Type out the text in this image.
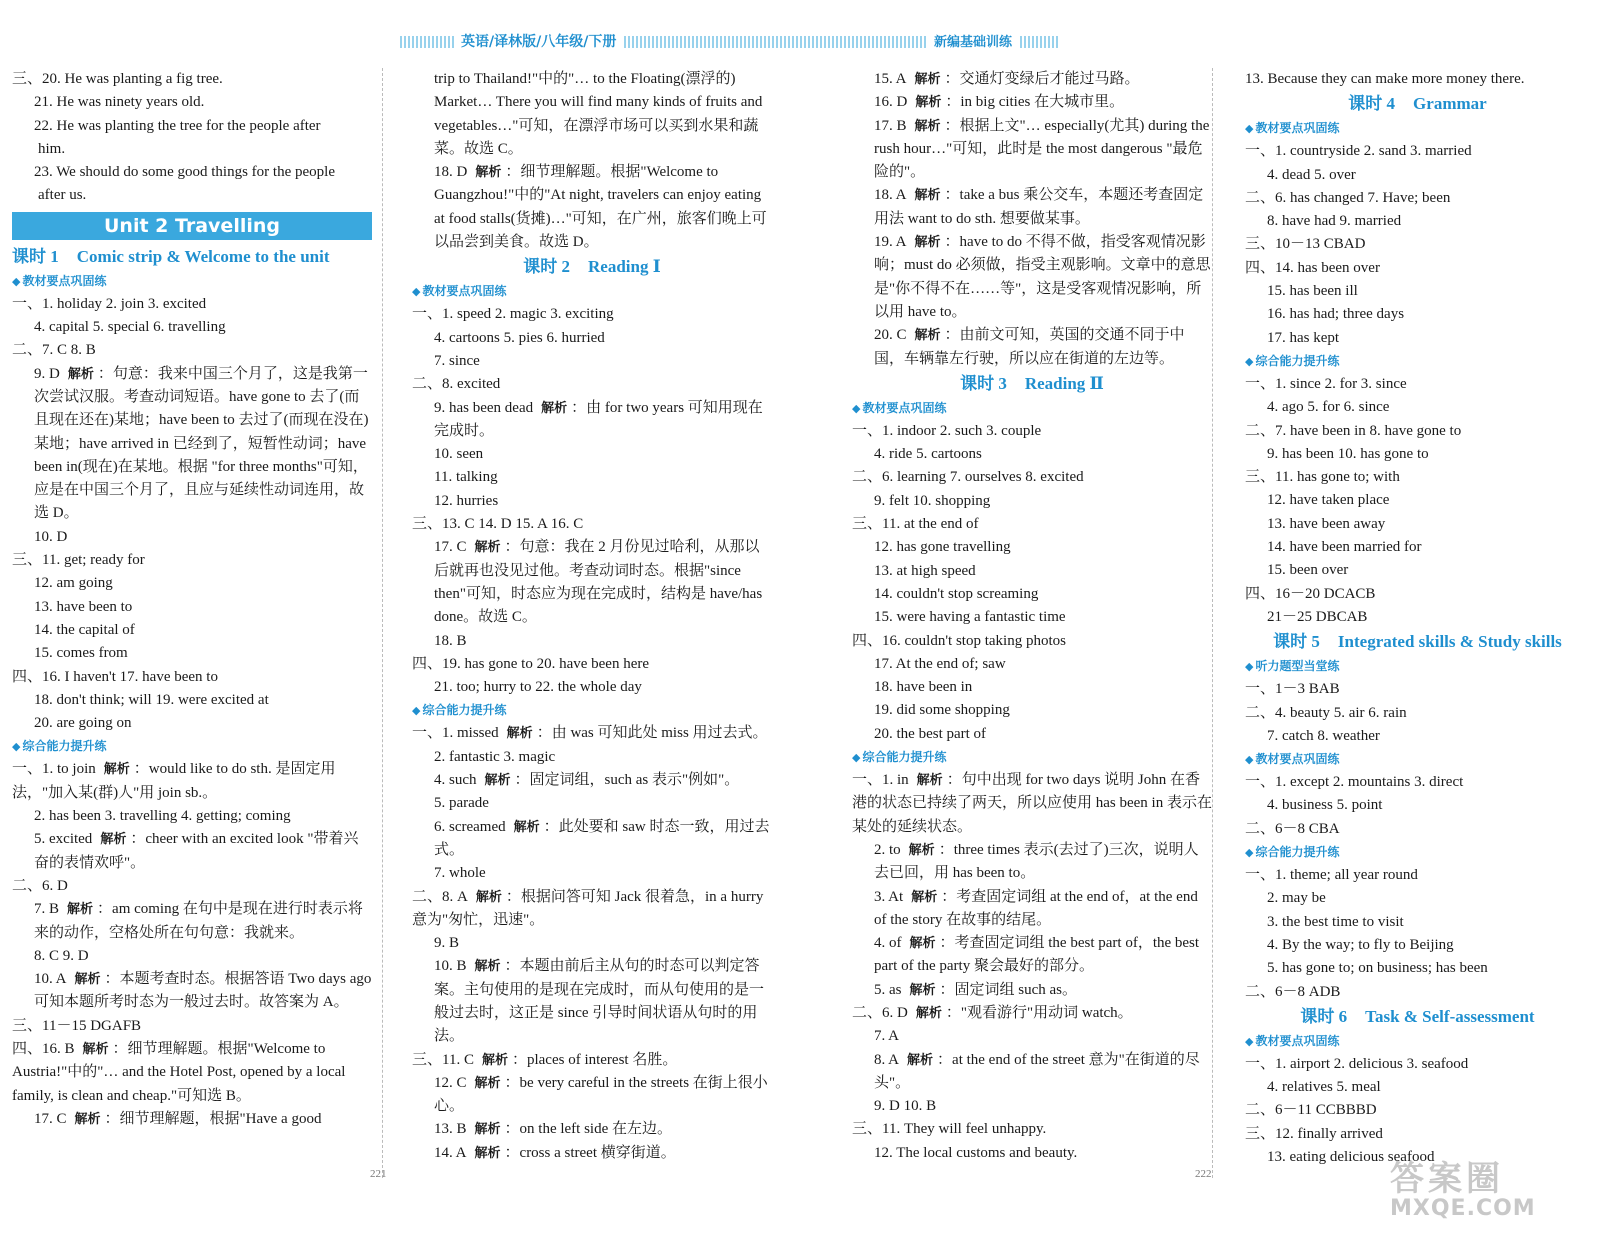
英语/译林版/八年级/下册	新编基础训练
三、20. He was planting a fig tree.
21. He was ninety years old.
22. He was planting the tree for the people after
him.
23. We should do some good things for the people
after us.
Unit 2 Travelling
课时 1 Comic strip & Welcome to the unit
◆ 教材要点巩固练
一、1. holiday 2. join 3. excited
4. capital 5. special 6. travelling
二、7. C 8. B
9. D 解析 ：句意：我来中国三个月了，这是我第一次尝试汉服。考查动词短语。have gone to 去了(而且现在还在)某地；have been to 去过了(而现在没在)某地；have arrived in 已经到了，短暂性动词；have been in(现在)在某地。根据 "for three months"可知，应是在中国三个月了，且应与延续性动词连用，故选 D。
10. D
三、11. get; ready for
12. am going
13. have been to
14. the capital of
15. comes from
四、16. I haven't 17. have been to
18. don't think; will 19. were excited at
20. are going on
◆ 综合能力提升练
一、1. to join 解析 ：would like to do sth. 是固定用法，"加入某(群)人"用 join sb.。
2. has been 3. travelling 4. getting; coming
5. excited 解析 ：cheer with an excited look "带着兴奋的表情欢呼"。
二、6. D
7. B 解析 ：am coming 在句中是现在进行时表示将来的动作，空格处所在句句意：我就来。
8. C 9. D
10. A 解析 ：本题考查时态。根据答语 Two days ago 可知本题所考时态为一般过去时。故答案为 A。
三、11－15 DGAFB
四、16. B 解析 ：细节理解题。根据"Welcome to Austria!"中的"… and the Hotel Post, opened by a local family, is clean and cheap."可知选 B。
17. C 解析 ：细节理解题，根据"Have a good
trip to Thailand!"中的"… to the Floating(漂浮的) Market… There you will find many kinds of fruits and vegetables…"可知，在漂浮市场可以买到水果和蔬菜。故选 C。
18. D 解析 ：细节理解题。根据"Welcome to Guangzhou!"中的"At night, travelers can enjoy eating at food stalls(货摊)…"可知，在广州，旅客们晚上可以品尝到美食。故选 D。
课时 2 Reading Ⅰ
◆ 教材要点巩固练
一、1. speed 2. magic 3. exciting
4. cartoons 5. pies 6. hurried
7. since
二、8. excited
9. has been dead 解析 ：由 for two years 可知用现在完成时。
10. seen
11. talking
12. hurries
三、13. C 14. D 15. A 16. C
17. C 解析 ：句意：我在 2 月份见过哈利，从那以后就再也没见过他。考查动词时态。根据"since then"可知，时态应为现在完成时，结构是 have/has done。故选 C。
18. B
四、19. has gone to 20. have been here
21. too; hurry to 22. the whole day
◆ 综合能力提升练
一、1. missed 解析 ：由 was 可知此处 miss 用过去式。
2. fantastic 3. magic
4. such 解析 ：固定词组，such as 表示"例如"。
5. parade
6. screamed 解析 ：此处要和 saw 时态一致，用过去式。
7. whole
二、8. A 解析 ：根据问答可知 Jack 很着急，in a hurry 意为"匆忙，迅速"。
9. B
10. B 解析 ：本题由前后主从句的时态可以判定答案。主句使用的是现在完成时，而从句使用的是一般过去时，这正是 since 引导时间状语从句时的用法。
三、11. C 解析 ：places of interest 名胜。
12. C 解析 ：be very careful in the streets 在街上很小心。
13. B 解析 ：on the left side 在左边。
14. A 解析 ：cross a street 横穿街道。
15. A 解析 ：交通灯变绿后才能过马路。
16. D 解析 ：in big cities 在大城市里。
17. B 解析 ：根据上文"… especially(尤其) during the rush hour…"可知，此时是 the most dangerous "最危险的"。
18. A 解析 ：take a bus 乘公交车，本题还考查固定用法 want to do sth. 想要做某事。
19. A 解析 ：have to do 不得不做，指受客观情况影响；must do 必须做，指受主观影响。文章中的意思是"你不得不在……等"，这是受客观情况影响，所以用 have to。
20. C 解析 ：由前文可知，英国的交通不同于中国，车辆靠左行驶，所以应在街道的左边等。
课时 3 Reading Ⅱ
◆ 教材要点巩固练
一、1. indoor 2. such 3. couple
4. ride 5. cartoons
二、6. learning 7. ourselves 8. excited
9. felt 10. shopping
三、11. at the end of
12. has gone travelling
13. at high speed
14. couldn't stop screaming
15. were having a fantastic time
四、16. couldn't stop taking photos
17. At the end of; saw
18. have been in
19. did some shopping
20. the best part of
◆ 综合能力提升练
一、1. in 解析 ：句中出现 for two days 说明 John 在香港的状态已持续了两天，所以应使用 has been in 表示在某处的延续状态。
2. to 解析 ：three times 表示(去过了)三次，说明人去已回，用 has been to。
3. At 解析 ：考查固定词组 at the end of，at the end of the story 在故事的结尾。
4. of 解析 ：考查固定词组 the best part of，the best part of the party 聚会最好的部分。
5. as 解析 ：固定词组 such as。
二、6. D 解析 ："观看游行"用动词 watch。
7. A
8. A 解析 ：at the end of the street 意为"在街道的尽头"。
9. D 10. B
三、11. They will feel unhappy.
12. The local customs and beauty.
13. Because they can make more money there.
课时 4 Grammar
◆ 教材要点巩固练
一、1. countryside 2. sand 3. married
4. dead 5. over
二、6. has changed 7. Have; been
8. have had 9. married
三、10－13 CBAD
四、14. has been over
15. has been ill
16. has had; three days
17. has kept
◆ 综合能力提升练
一、1. since 2. for 3. since
4. ago 5. for 6. since
二、7. have been in 8. have gone to
9. has been 10. has gone to
三、11. has gone to; with
12. have taken place
13. have been away
14. have been married for
15. been over
四、16－20 DCACB
21－25 DBCAB
课时 5 Integrated skills & Study skills
◆ 听力题型当堂练
一、1－3 BAB
二、4. beauty 5. air 6. rain
7. catch 8. weather
◆ 教材要点巩固练
一、1. except 2. mountains 3. direct
4. business 5. point
二、6－8 CBA
◆ 综合能力提升练
一、1. theme; all year round
2. may be
3. the best time to visit
4. By the way; to fly to Beijing
5. has gone to; on business; has been
二、6－8 ADB
课时 6 Task & Self-assessment
◆ 教材要点巩固练
一、1. airport 2. delicious 3. seafood
4. relatives 5. meal
二、6－11 CCBBBD
三、12. finally arrived
13. eating delicious seafood
221	222	答案圈
MXQE.COM
